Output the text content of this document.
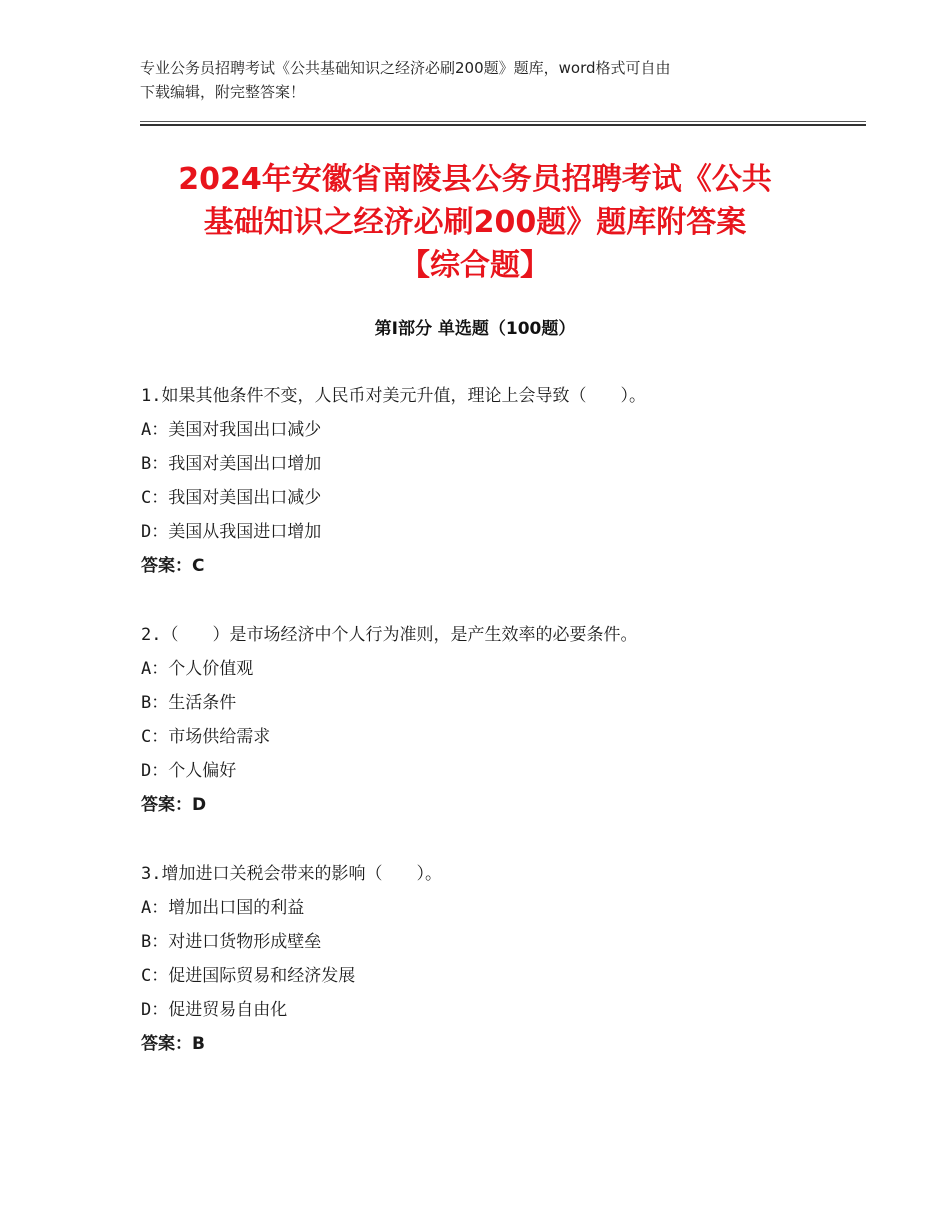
专业公务员招聘考试《公共基础知识之经济必刷200题》题库，word格式可自由
下载编辑，附完整答案！
2024年安徽省南陵县公务员招聘考试《公共
基础知识之经济必刷200题》题库附答案
【综合题】
第Ⅰ部分 单选题（100题）
1.如果其他条件不变，人民币对美元升值，理论上会导致（　　）。
A：美国对我国出口减少
B：我国对美国出口增加
C：我国对美国出口减少
D：美国从我国进口增加
答案：C
2.（　　）是市场经济中个人行为准则，是产生效率的必要条件。
A：个人价值观
B：生活条件
C：市场供给需求
D：个人偏好
答案：D
3.增加进口关税会带来的影响（　　）。
A：增加出口国的利益
B：对进口货物形成壁垒
C：促进国际贸易和经济发展
D：促进贸易自由化
答案：B
